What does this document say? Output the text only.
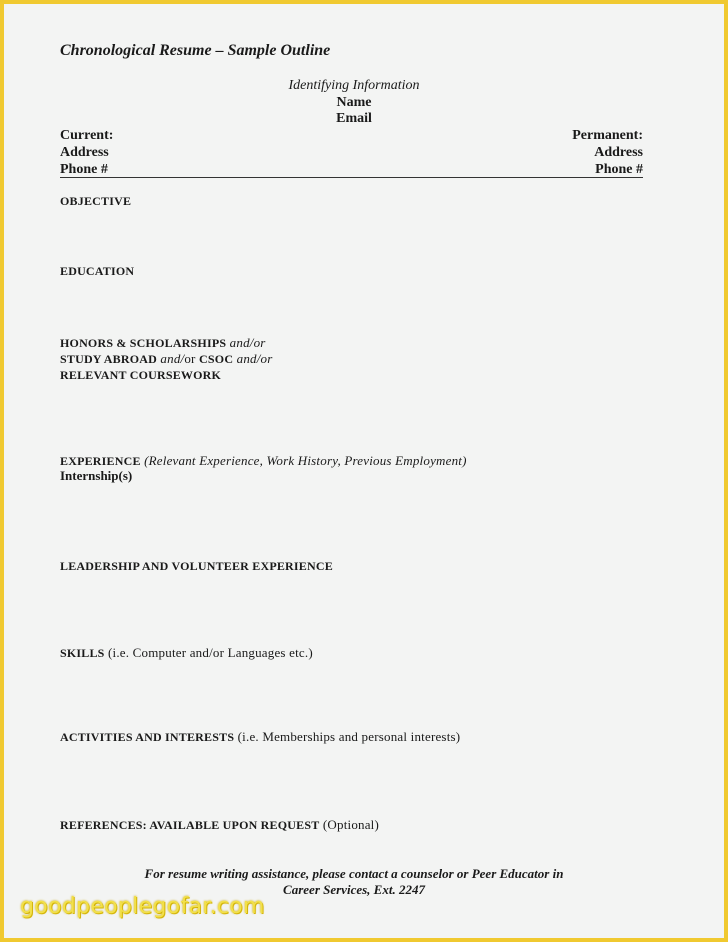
Chronological Resume – Sample Outline
Identifying Information
Name
Email
Current:
Address
Phone #
Permanent:
Address
Phone #
OBJECTIVE
EDUCATION
HONORS & SCHOLARSHIPS and/or
STUDY ABROAD and/or CSOC and/or
RELEVANT COURSEWORK
EXPERIENCE (Relevant Experience, Work History, Previous Employment)
Internship(s)
LEADERSHIP AND VOLUNTEER EXPERIENCE
SKILLS (i.e. Computer and/or Languages etc.)
ACTIVITIES AND INTERESTS (i.e. Memberships and personal interests)
REFERENCES: AVAILABLE UPON REQUEST (Optional)
For resume writing assistance, please contact a counselor or Peer Educator in
Career Services, Ext. 2247
goodpeoplegofar.com
